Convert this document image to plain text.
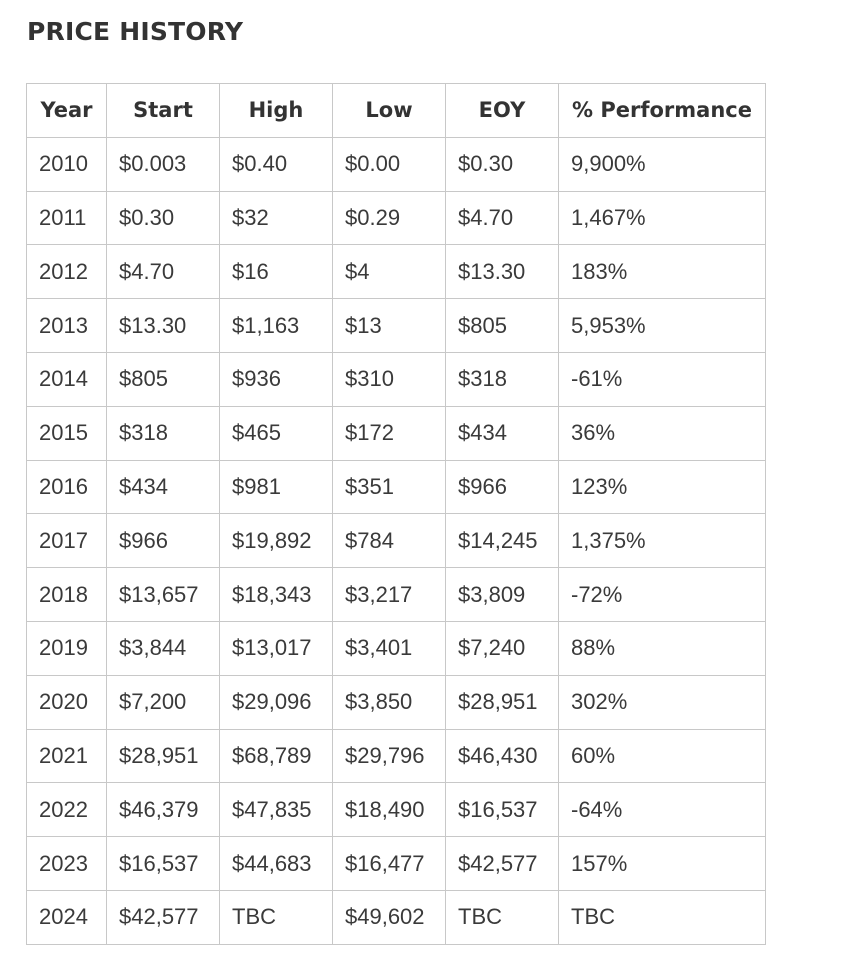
PRICE HISTORY
Year	Start	High	Low	EOY	% Performance
2010	$0.003	$0.40	$0.00	$0.30	9,900%
2011	$0.30	$32	$0.29	$4.70	1,467%
2012	$4.70	$16	$4	$13.30	183%
2013	$13.30	$1,163	$13	$805	5,953%
2014	$805	$936	$310	$318	-61%
2015	$318	$465	$172	$434	36%
2016	$434	$981	$351	$966	123%
2017	$966	$19,892	$784	$14,245	1,375%
2018	$13,657	$18,343	$3,217	$3,809	-72%
2019	$3,844	$13,017	$3,401	$7,240	88%
2020	$7,200	$29,096	$3,850	$28,951	302%
2021	$28,951	$68,789	$29,796	$46,430	60%
2022	$46,379	$47,835	$18,490	$16,537	-64%
2023	$16,537	$44,683	$16,477	$42,577	157%
2024	$42,577	TBC	$49,602	TBC	TBC
